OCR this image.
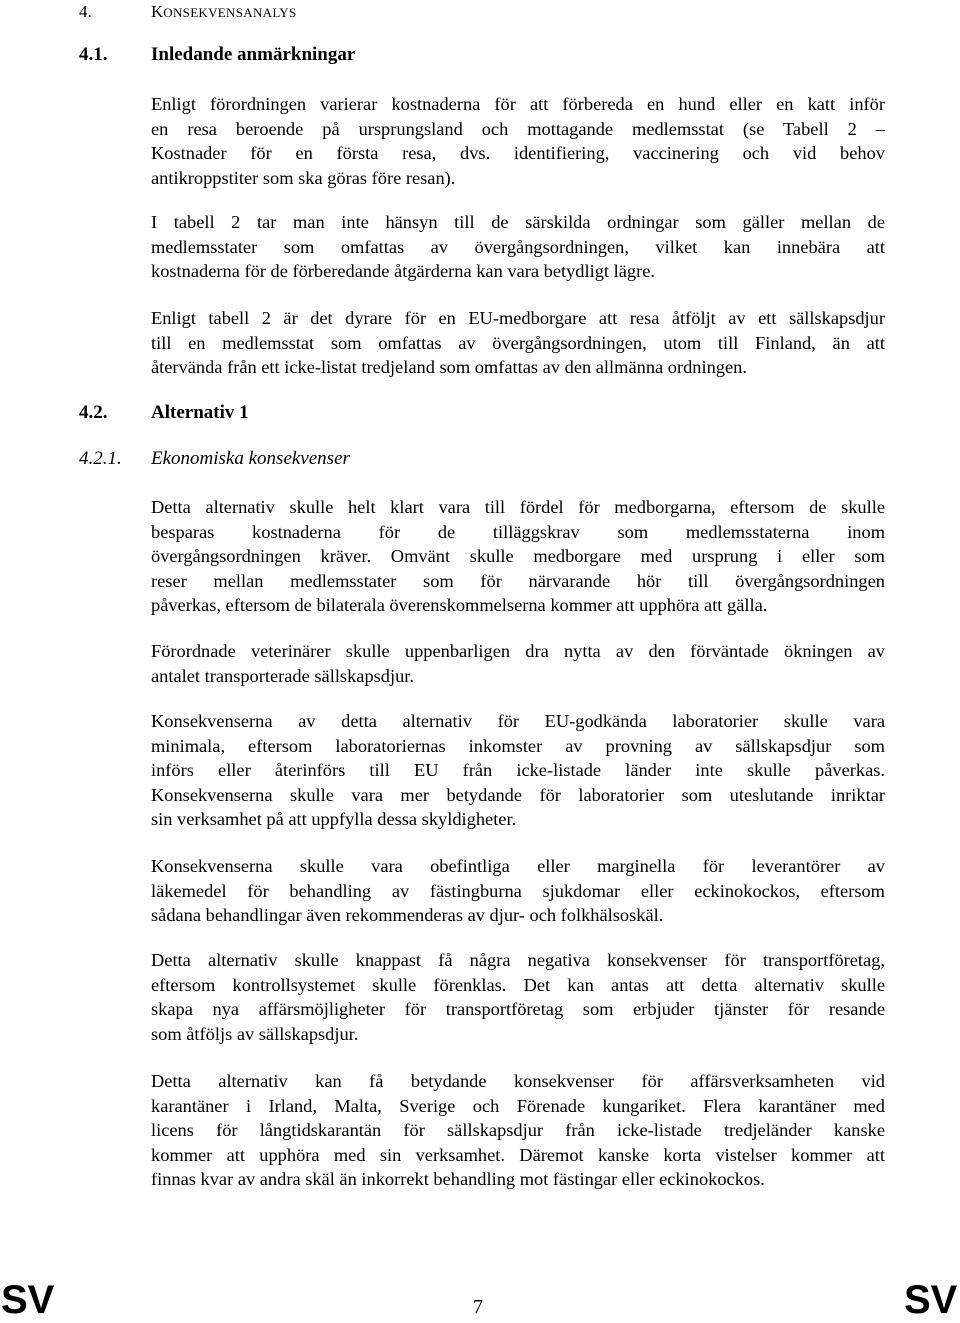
4.	KONSEKVENSANALYS
4.1. Inledande anmärkningar
Enligt förordningen varierar kostnaderna för att förbereda en hund eller en katt inför
en resa beroende på ursprungsland och mottagande medlemsstat (se Tabell 2 –
Kostnader för en första resa, dvs. identifiering, vaccinering och vid behov
antikroppstiter som ska göras före resan).
I tabell 2 tar man inte hänsyn till de särskilda ordningar som gäller mellan de
medlemsstater som omfattas av övergångsordningen, vilket kan innebära att
kostnaderna för de förberedande åtgärderna kan vara betydligt lägre.
Enligt tabell 2 är det dyrare för en EU-medborgare att resa åtföljt av ett sällskapsdjur
till en medlemsstat som omfattas av övergångsordningen, utom till Finland, än att
återvända från ett icke-listat tredjeland som omfattas av den allmänna ordningen.
4.2. Alternativ 1
4.2.1. Ekonomiska konsekvenser
Detta alternativ skulle helt klart vara till fördel för medborgarna, eftersom de skulle
besparas kostnaderna för de tilläggskrav som medlemsstaterna inom
övergångsordningen kräver. Omvänt skulle medborgare med ursprung i eller som
reser mellan medlemsstater som för närvarande hör till övergångsordningen
påverkas, eftersom de bilaterala överenskommelserna kommer att upphöra att gälla.
Förordnade veterinärer skulle uppenbarligen dra nytta av den förväntade ökningen av
antalet transporterade sällskapsdjur.
Konsekvenserna av detta alternativ för EU-godkända laboratorier skulle vara
minimala, eftersom laboratoriernas inkomster av provning av sällskapsdjur som
införs eller återinförs till EU från icke-listade länder inte skulle påverkas.
Konsekvenserna skulle vara mer betydande för laboratorier som uteslutande inriktar
sin verksamhet på att uppfylla dessa skyldigheter.
Konsekvenserna skulle vara obefintliga eller marginella för leverantörer av
läkemedel för behandling av fästingburna sjukdomar eller eckinokockos, eftersom
sådana behandlingar även rekommenderas av djur- och folkhälsoskäl.
Detta alternativ skulle knappast få några negativa konsekvenser för transportföretag,
eftersom kontrollsystemet skulle förenklas. Det kan antas att detta alternativ skulle
skapa nya affärsmöjligheter för transportföretag som erbjuder tjänster för resande
som åtföljs av sällskapsdjur.
Detta alternativ kan få betydande konsekvenser för affärsverksamheten vid
karantäner i Irland, Malta, Sverige och Förenade kungariket. Flera karantäner med
licens för långtidskarantän för sällskapsdjur från icke-listade tredjeländer kanske
kommer att upphöra med sin verksamhet. Däremot kanske korta vistelser kommer att
finnas kvar av andra skäl än inkorrekt behandling mot fästingar eller eckinokockos.
SV	7	SV
